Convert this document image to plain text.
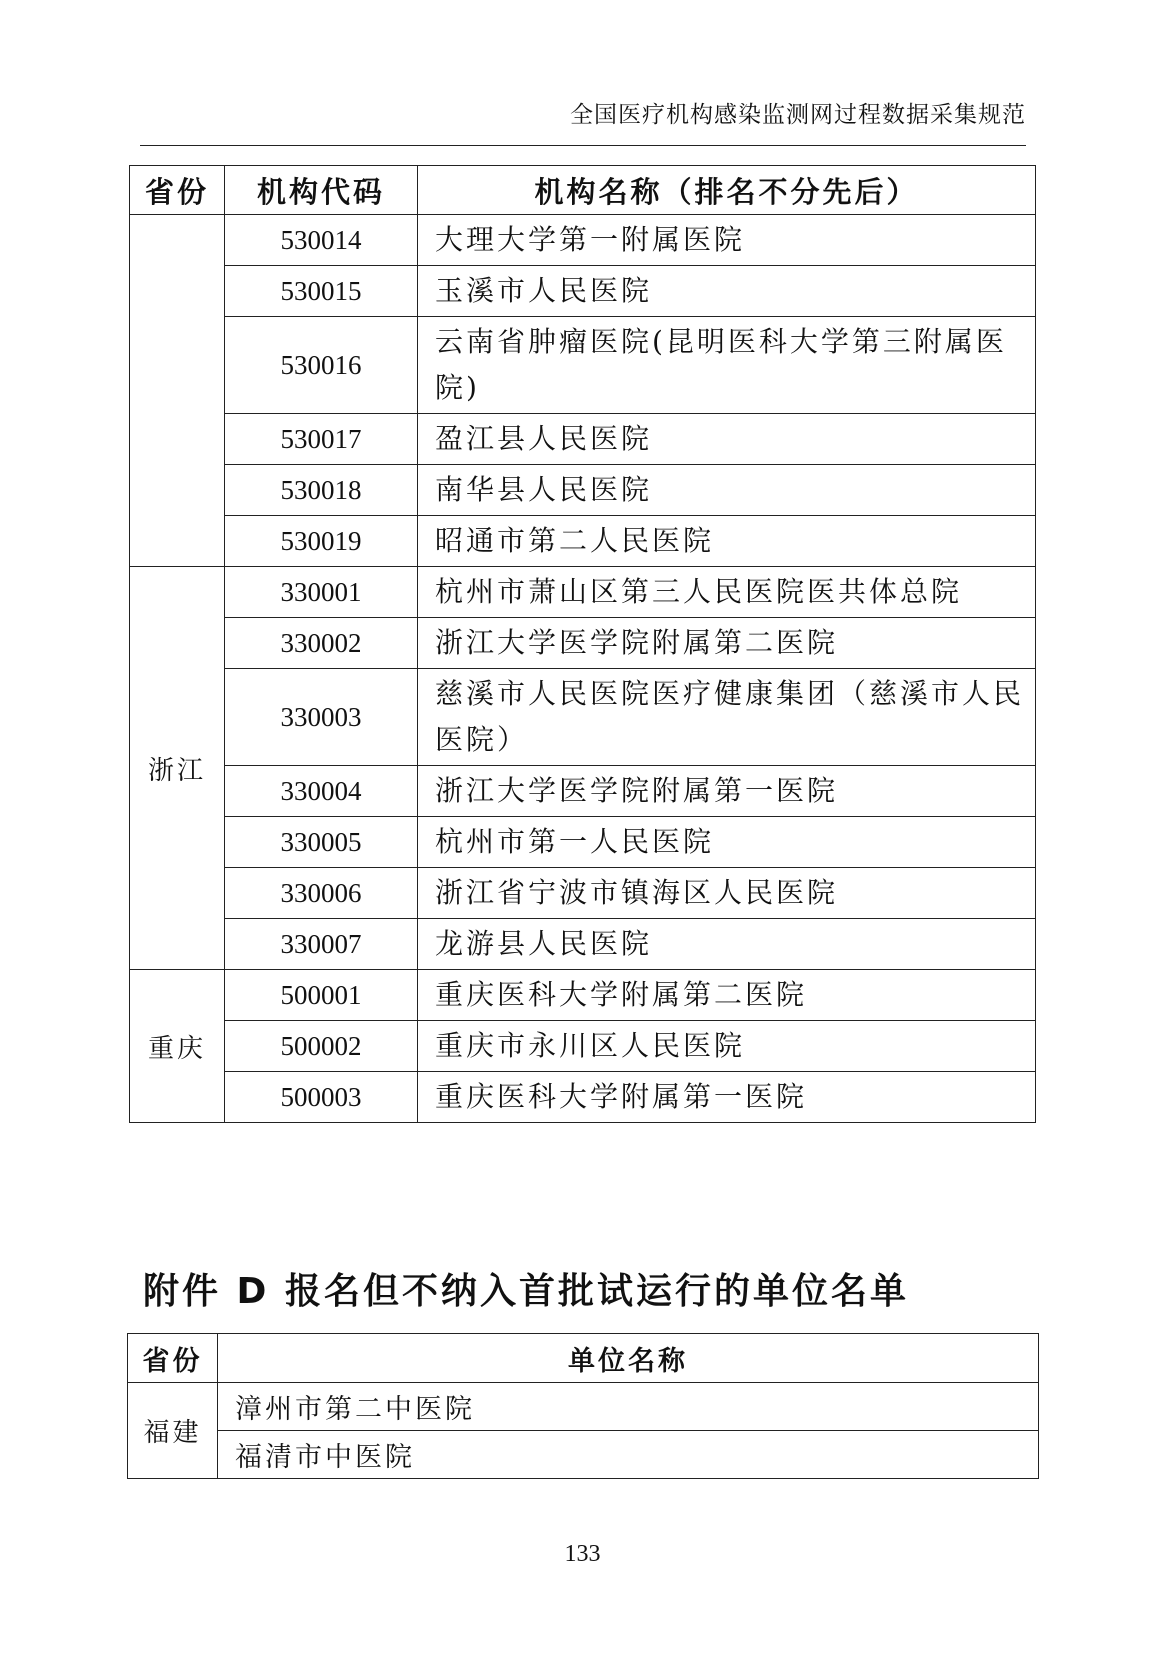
全国医疗机构感染监测网过程数据采集规范
省份	机构代码	机构名称（排名不分先后）
	530014	大理大学第一附属医院
	530015	玉溪市人民医院
	530016	云南省肿瘤医院(昆明医科大学第三附属医院)
	530017	盈江县人民医院
	530018	南华县人民医院
	530019	昭通市第二人民医院
浙江	330001	杭州市萧山区第三人民医院医共体总院
	330002	浙江大学医学院附属第二医院
	330003	慈溪市人民医院医疗健康集团（慈溪市人民医院）
	330004	浙江大学医学院附属第一医院
	330005	杭州市第一人民医院
	330006	浙江省宁波市镇海区人民医院
	330007	龙游县人民医院
重庆	500001	重庆医科大学附属第二医院
	500002	重庆市永川区人民医院
	500003	重庆医科大学附属第一医院
附件 D 报名但不纳入首批试运行的单位名单
省份	单位名称
福建	漳州市第二中医院
	福清市中医院
133
